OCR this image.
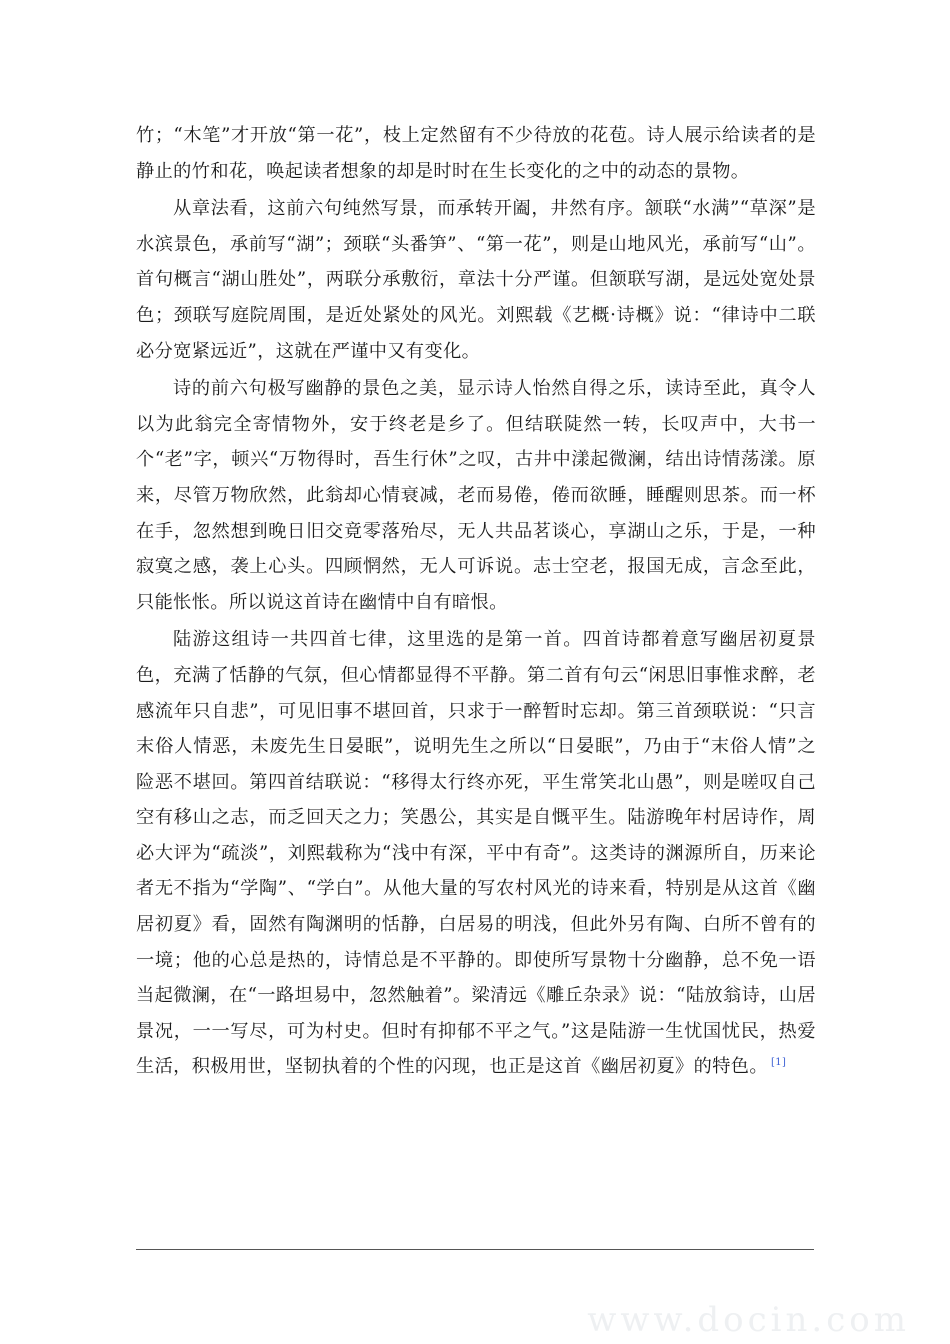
竹；“木笔”才开放“第一花”，枝上定然留有不少待放的花苞。诗人展示给读者的是静止的竹和花，唤起读者想象的却是时时在生长变化的之中的动态的景物。

从章法看，这前六句纯然写景，而承转开阖，井然有序。颔联“水满”“草深”是水滨景色，承前写“湖”；颈联“头番笋”、“第一花”，则是山地风光，承前写“山”。首句概言“湖山胜处”，两联分承敷衍，章法十分严谨。但颔联写湖，是远处宽处景色；颈联写庭院周围，是近处紧处的风光。刘熙载《艺概·诗概》说：“律诗中二联必分宽紧远近”，这就在严谨中又有变化。

诗的前六句极写幽静的景色之美，显示诗人怡然自得之乐，读诗至此，真令人以为此翁完全寄情物外，安于终老是乡了。但结联陡然一转，长叹声中，大书一个“老”字，顿兴“万物得时，吾生行休”之叹，古井中漾起微澜，结出诗情荡漾。原来，尽管万物欣然，此翁却心情衰减，老而易倦，倦而欲睡，睡醒则思茶。而一杯在手，忽然想到晚日旧交竟零落殆尽，无人共品茗谈心，享湖山之乐，于是，一种寂寞之感，袭上心头。四顾惘然，无人可诉说。志士空老，报国无成，言念至此，只能怅怅。所以说这首诗在幽情中自有暗恨。

陆游这组诗一共四首七律，这里选的是第一首。四首诗都着意写幽居初夏景色，充满了恬静的气氛，但心情都显得不平静。第二首有句云“闲思旧事惟求醉，老感流年只自悲”，可见旧事不堪回首，只求于一醉暂时忘却。第三首颈联说：“只言末俗人情恶，未废先生日晏眠”，说明先生之所以“日晏眠”，乃由于“末俗人情”之险恶不堪回。第四首结联说：“移得太行终亦死，平生常笑北山愚”，则是嗟叹自己空有移山之志，而乏回天之力；笑愚公，其实是自慨平生。陆游晚年村居诗作，周必大评为“疏淡”，刘熙载称为“浅中有深，平中有奇”。这类诗的渊源所自，历来论者无不指为“学陶”、“学白”。从他大量的写农村风光的诗来看，特别是从这首《幽居初夏》看，固然有陶渊明的恬静，白居易的明浅，但此外另有陶、白所不曾有的一境；他的心总是热的，诗情总是不平静的。即使所写景物十分幽静，总不免一语当起微澜，在“一路坦易中，忽然触着”。梁清远《雕丘杂录》说：“陆放翁诗，山居景况，一一写尽，可为村史。但时有抑郁不平之气。”这是陆游一生忧国忧民，热爱生活，积极用世，坚韧执着的个性的闪现，也正是这首《幽居初夏》的特色。 [1]

www.docin.com
